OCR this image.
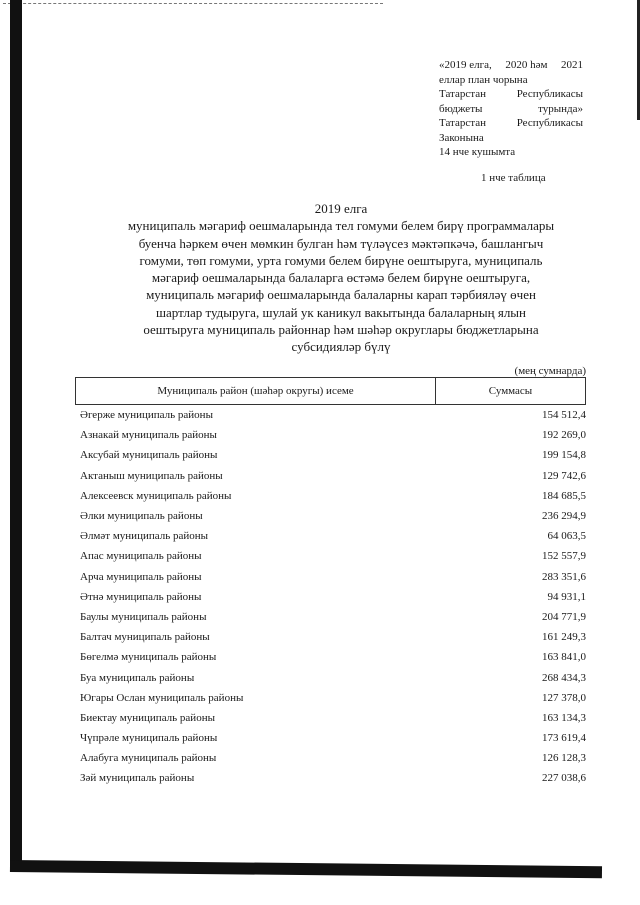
«2019 елга, 2020 һәм 2021
еллар план чорына
Татарстан	Республикасы
бюджеты	турында»
Татарстан	Республикасы
Законына
14 нче кушымта
1 нче таблица
2019 елга
муниципаль мәгариф оешмаларында тел гомуми белем бирү программалары
буенча һәркем өчен мөмкин булган һәм түләүсез мәктәпкәчә, башлангыч
гомуми, төп гомуми, урта гомуми белем бирүне оештыруга, муниципаль
мәгариф оешмаларында балаларга өстәмә белем бирүне оештыруга,
муниципаль мәгариф оешмаларында балаларны карап тәрбияләү өчен
шартлар тудыруга, шулай ук каникул вакытында балаларның ялын
оештыруга муниципаль районнар һәм шәһәр округлары бюджетларына
субсидияләр бүлү
(мең сумнарда)
Муниципаль район (шәһәр округы) исеме	Суммасы
Әгерже муниципаль районы	154 512,4
Азнакай муниципаль районы	192 269,0
Аксубай муниципаль районы	199 154,8
Актаныш муниципаль районы	129 742,6
Алексеевск муниципаль районы	184 685,5
Әлки муниципаль районы	236 294,9
Әлмәт муниципаль районы	64 063,5
Апас муниципаль районы	152 557,9
Арча муниципаль районы	283 351,6
Әтнә муниципаль районы	94 931,1
Баулы муниципаль районы	204 771,9
Балтач муниципаль районы	161 249,3
Бөгелмә муниципаль районы	163 841,0
Буа муниципаль районы	268 434,3
Югары Ослан муниципаль районы	127 378,0
Биектау муниципаль районы	163 134,3
Чүпрәле муниципаль районы	173 619,4
Алабуга муниципаль районы	126 128,3
Зәй муниципаль районы	227 038,6
